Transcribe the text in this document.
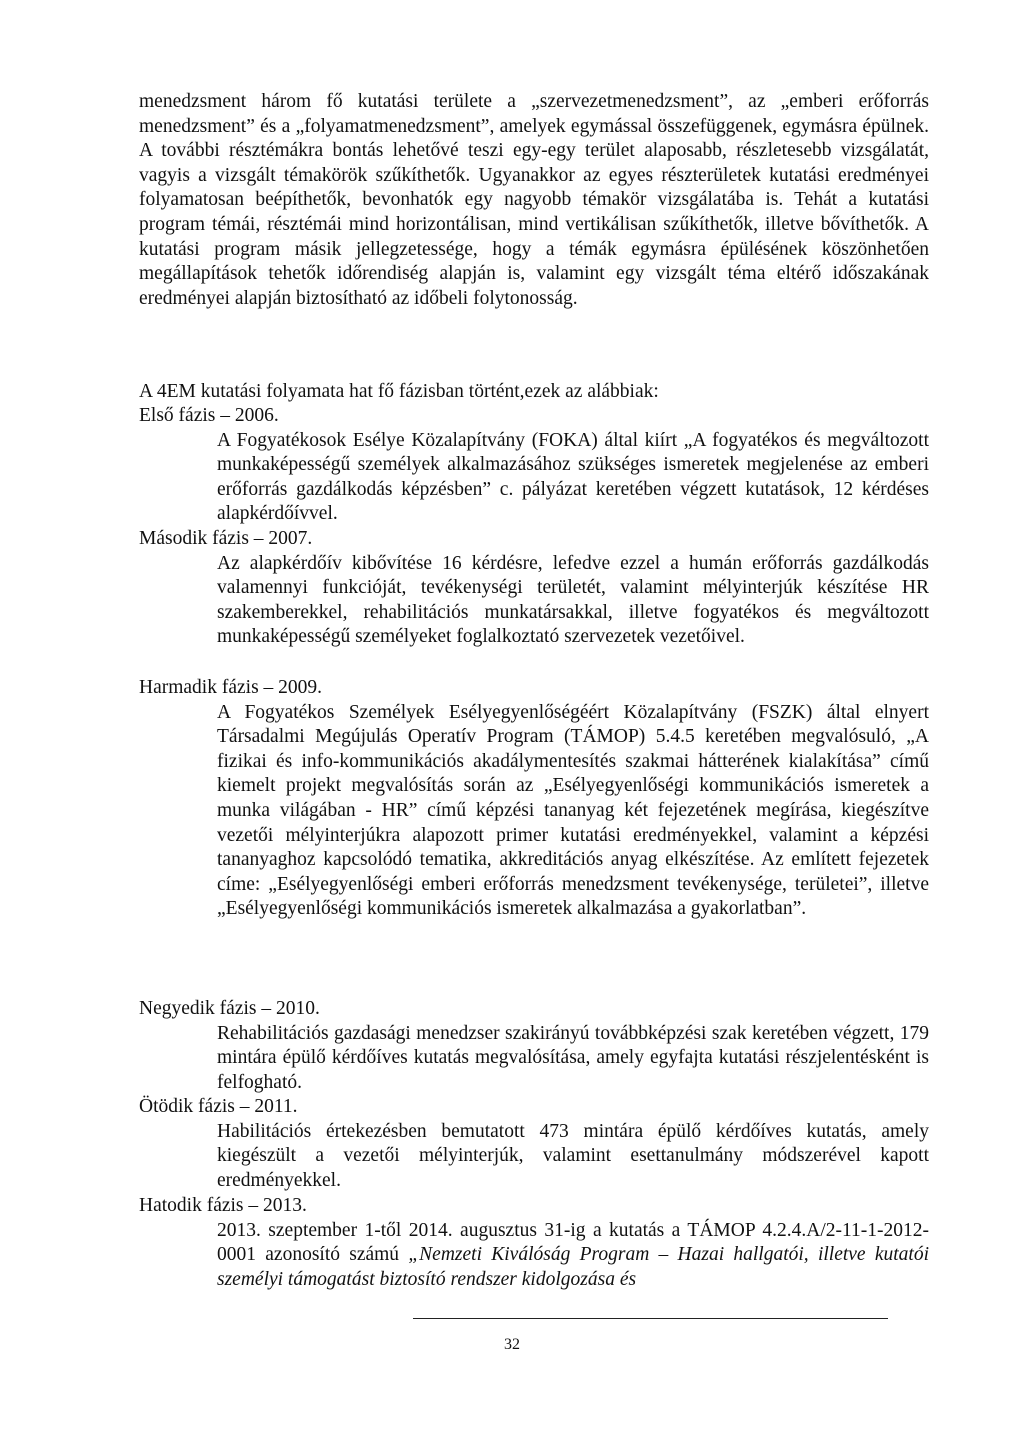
menedzsment három fő kutatási területe a „szervezetmenedzsment”, az „emberi erőforrás menedzsment” és a „folyamatmenedzsment”, amelyek egymással összefüggenek, egymásra épülnek. A további résztémákra bontás lehetővé teszi egy-egy terület alaposabb, részletesebb vizsgálatát, vagyis a vizsgált témakörök szűkíthetők. Ugyanakkor az egyes részterületek kutatási eredményei folyamatosan beépíthetők, bevonhatók egy nagyobb témakör vizsgálatába is. Tehát a kutatási program témái, résztémái mind horizontálisan, mind vertikálisan szűkíthetők, illetve bővíthetők. A kutatási program másik jellegzetessége, hogy a témák egymásra épülésének köszönhetően megállapítások tehetők időrendiség alapján is, valamint egy vizsgált téma eltérő időszakának eredményei alapján biztosítható az időbeli folytonosság.

A 4EM kutatási folyamata hat fő fázisban történt,ezek az alábbiak:

Első fázis – 2006.

A Fogyatékosok Esélye Közalapítvány (FOKA) által kiírt „A fogyatékos és megváltozott munkaképességű személyek alkalmazásához szükséges ismeretek megjelenése az emberi erőforrás gazdálkodás képzésben” c. pályázat keretében végzett kutatások, 12 kérdéses alapkérdőívvel.

Második fázis – 2007.

Az alapkérdőív kibővítése 16 kérdésre, lefedve ezzel a humán erőforrás gazdálkodás valamennyi funkcióját, tevékenységi területét, valamint mélyinterjúk készítése HR szakemberekkel, rehabilitációs munkatársakkal, illetve fogyatékos és megváltozott munkaképességű személyeket foglalkoztató szervezetek vezetőivel.

Harmadik fázis – 2009.

A Fogyatékos Személyek Esélyegyenlőségéért Közalapítvány (FSZK) által elnyert Társadalmi Megújulás Operatív Program (TÁMOP) 5.4.5 keretében megvalósuló, „A fizikai és info-kommunikációs akadálymentesítés szakmai hátterének kialakítása” című kiemelt projekt megvalósítás során az „Esélyegyenlőségi kommunikációs ismeretek a munka világában - HR” című képzési tananyag két fejezetének megírása, kiegészítve vezetői mélyinterjúkra alapozott primer kutatási eredményekkel, valamint a képzési tananyaghoz kapcsolódó tematika, akkreditációs anyag elkészítése. Az említett fejezetek címe: „Esélyegyenlőségi emberi erőforrás menedzsment tevékenysége, területei”, illetve „Esélyegyenlőségi kommunikációs ismeretek alkalmazása a gyakorlatban”.

Negyedik fázis – 2010.

Rehabilitációs gazdasági menedzser szakirányú továbbképzési szak keretében végzett, 179 mintára épülő kérdőíves kutatás megvalósítása, amely egyfajta kutatási részjelentésként is felfogható.

Ötödik fázis – 2011.

Habilitációs értekezésben bemutatott 473 mintára épülő kérdőíves kutatás, amely kiegészült a vezetői mélyinterjúk, valamint esettanulmány módszerével kapott eredményekkel.

Hatodik fázis – 2013.

2013. szeptember 1-től 2014. augusztus 31-ig a kutatás a TÁMOP 4.2.4.A/2-11-1-2012-0001 azonosító számú „Nemzeti Kiválóság Program – Hazai hallgatói, illetve kutatói személyi támogatást biztosító rendszer kidolgozása és

32
